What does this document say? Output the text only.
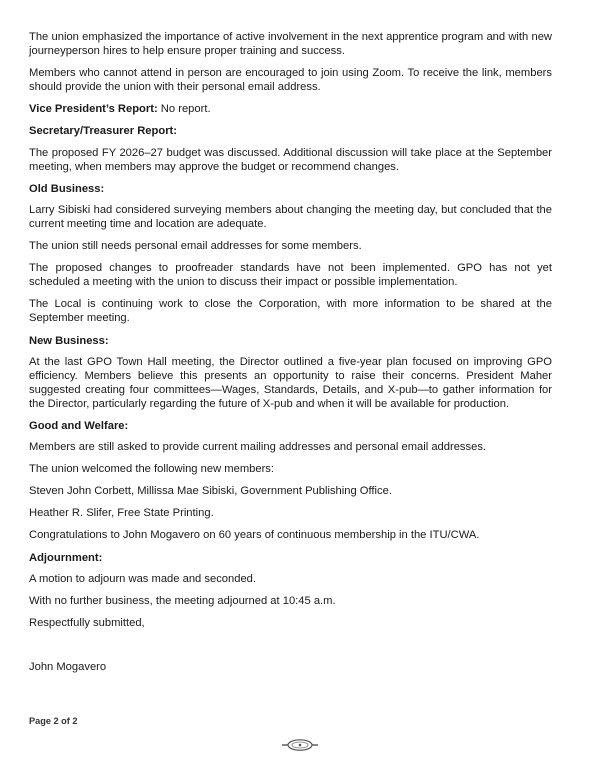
The union emphasized the importance of active involvement in the next apprentice program and with new journeyperson hires to help ensure proper training and success.

Members who cannot attend in person are encouraged to join using Zoom. To receive the link, members should provide the union with their personal email address.

Vice President’s Report: No report.

Secretary/Treasurer Report:

The proposed FY 2026–27 budget was discussed. Additional discussion will take place at the September meeting, when members may approve the budget or recommend changes.

Old Business:

Larry Sibiski had considered surveying members about changing the meeting day, but concluded that the current meeting time and location are adequate.

The union still needs personal email addresses for some members.

The proposed changes to proofreader standards have not been implemented. GPO has not yet scheduled a meeting with the union to discuss their impact or possible implementation.

The Local is continuing work to close the Corporation, with more information to be shared at the September meeting.

New Business:

At the last GPO Town Hall meeting, the Director outlined a five-year plan focused on improving GPO efficiency. Members believe this presents an opportunity to raise their concerns. President Maher suggested creating four committees—Wages, Standards, Details, and X-pub—to gather information for the Director, particularly regarding the future of X-pub and when it will be available for production.

Good and Welfare:

Members are still asked to provide current mailing addresses and personal email addresses.

The union welcomed the following new members:

Steven John Corbett, Millissa Mae Sibiski, Government Publishing Office.

Heather R. Slifer, Free State Printing.

Congratulations to John Mogavero on 60 years of continuous membership in the ITU/CWA.

Adjournment:

A motion to adjourn was made and seconded.

With no further business, the meeting adjourned at 10:45 a.m.

Respectfully submitted,

John Mogavero

Page 2 of 2
